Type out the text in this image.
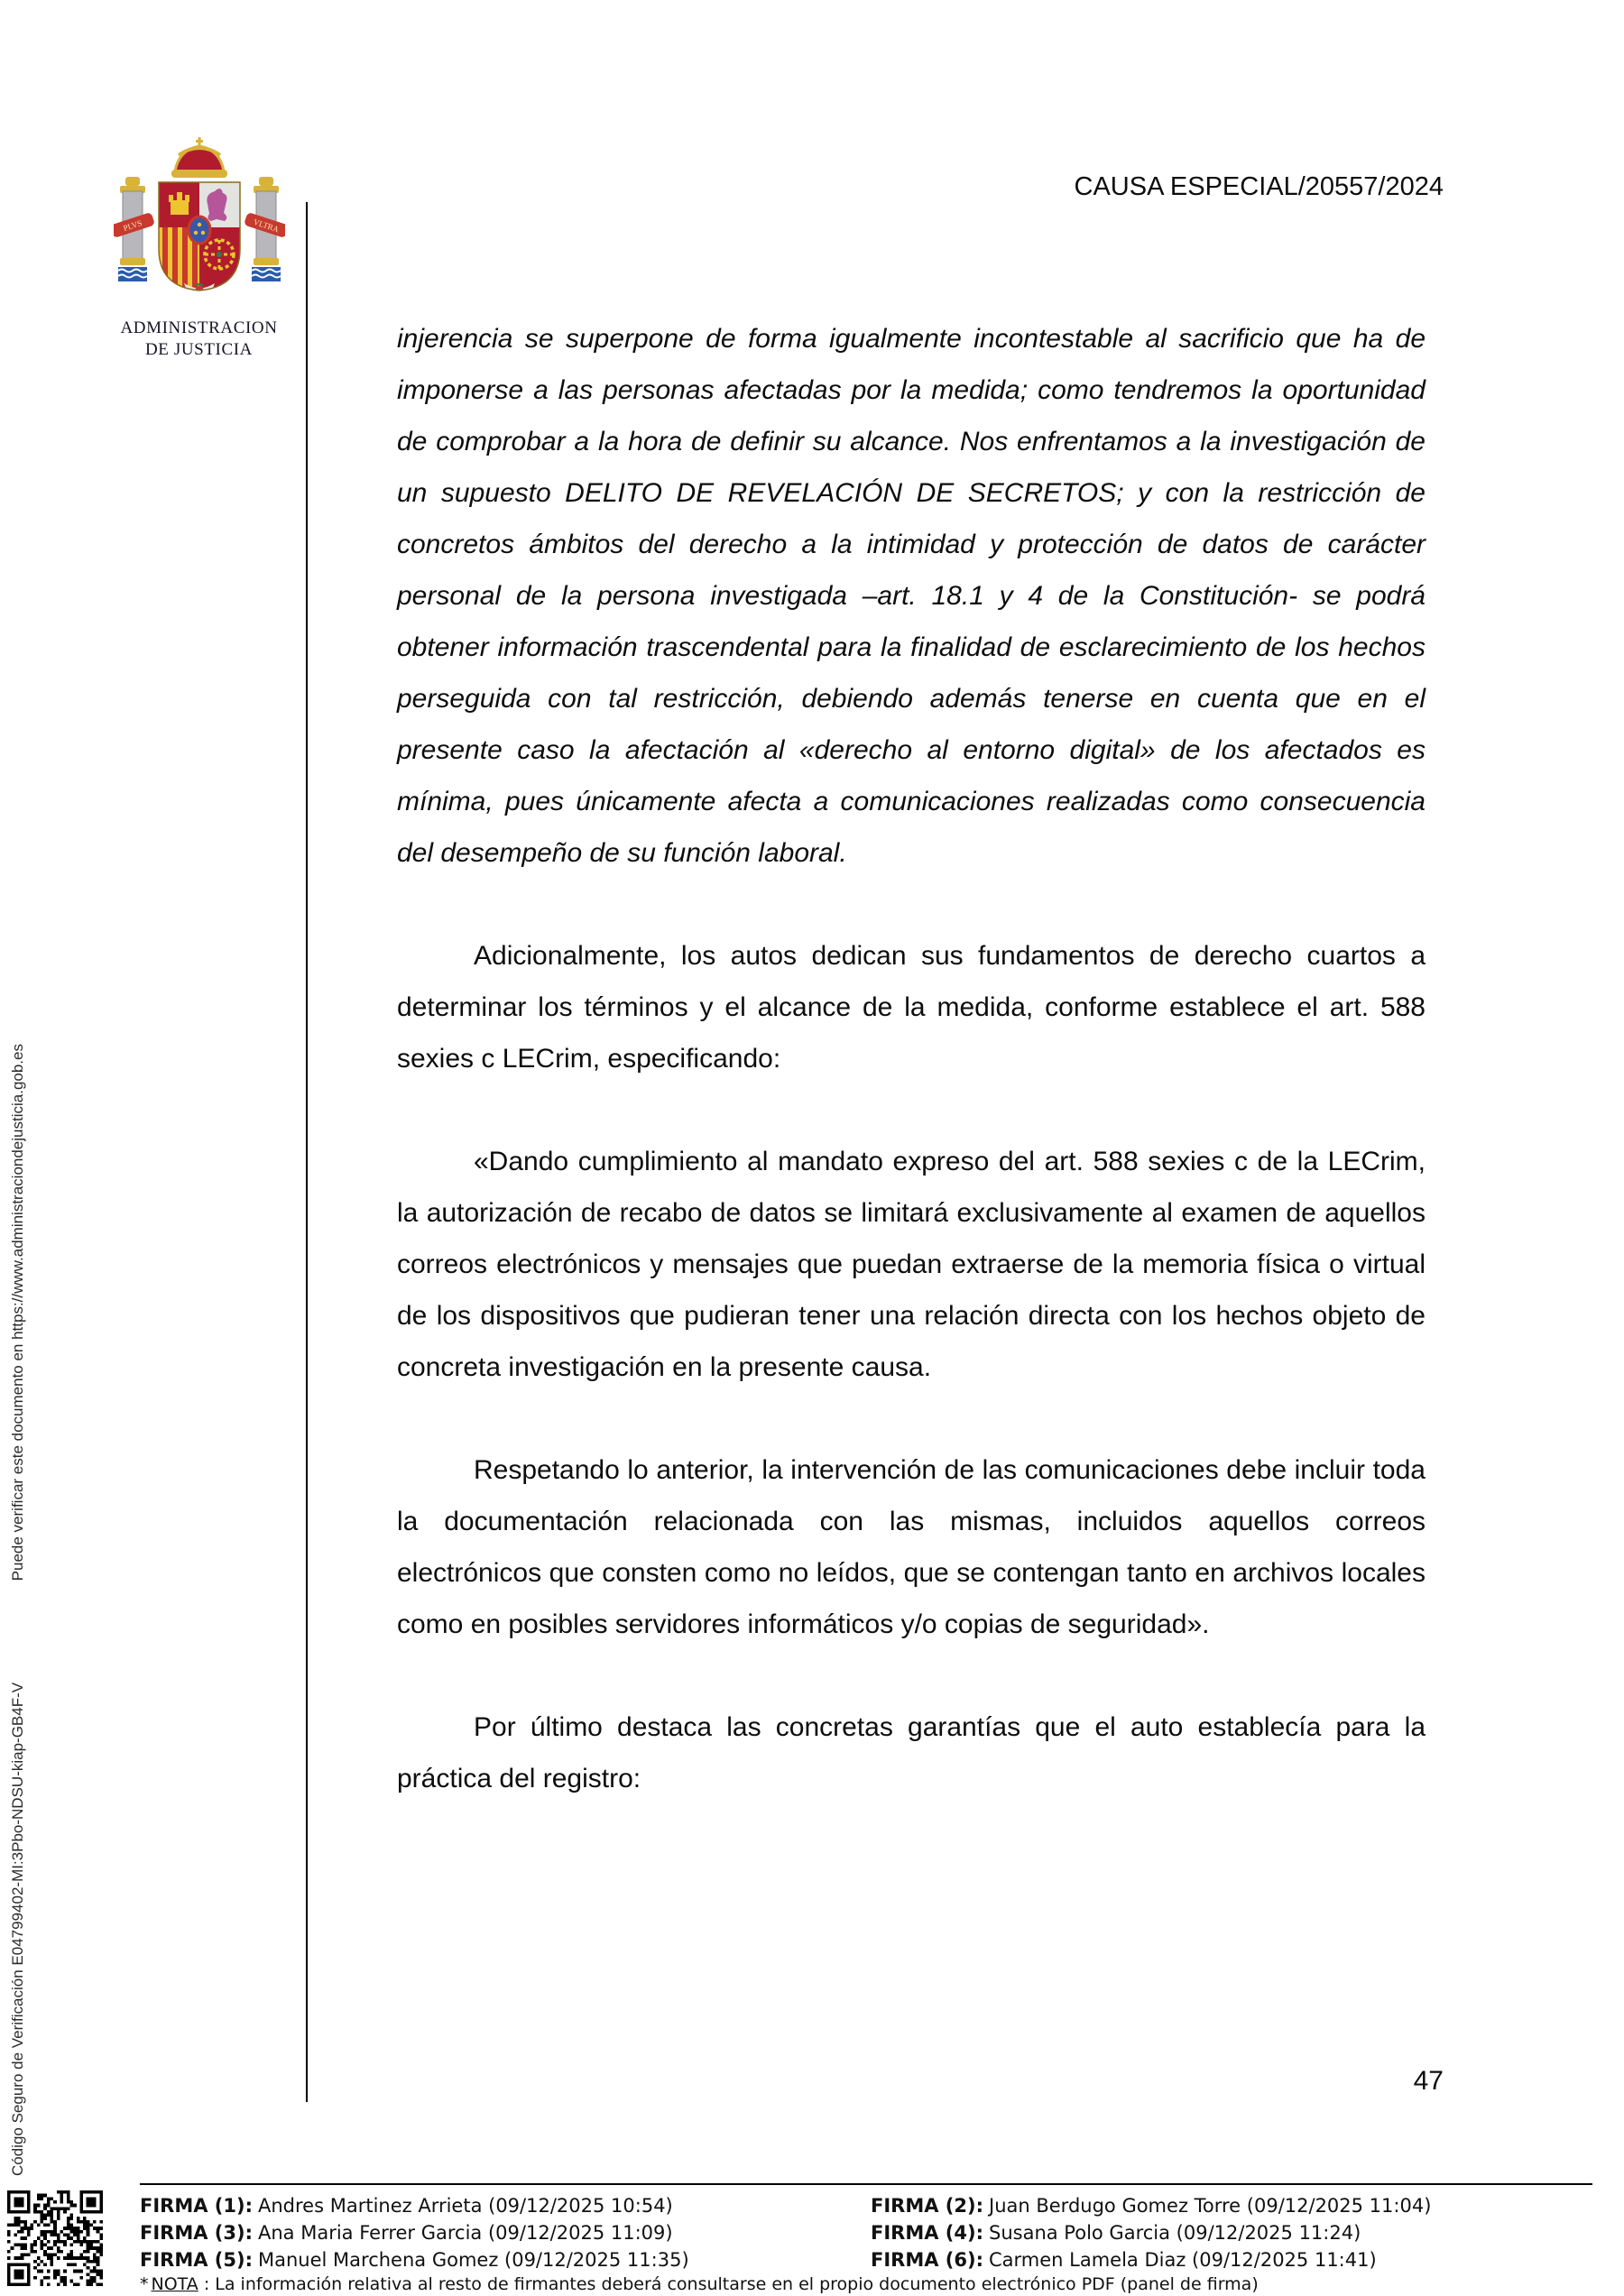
Código Seguro de Verificación E04799402-MI:3Pbo-NDSU-kiap-GB4F-V
Puede verificar este documento en https://www.administraciondejusticia.gob.es
PLVS	VLTRA
ADMINISTRACION
DE JUSTICIA
CAUSA ESPECIAL/20557/2024

injerencia se superpone de forma igualmente incontestable al sacrificio que ha de imponerse a las personas afectadas por la medida; como tendremos la oportunidad de comprobar a la hora de definir su alcance. Nos enfrentamos a la investigación de un supuesto DELITO DE REVELACIÓN DE SECRETOS; y con la restricción de concretos ámbitos del derecho a la intimidad y protección de datos de carácter personal de la persona investigada –art. 18.1 y 4 de la Constitución- se podrá obtener información trascendental para la finalidad de esclarecimiento de los hechos perseguida con tal restricción, debiendo además tenerse en cuenta que en el presente caso la afectación al «derecho al entorno digital» de los afectados es mínima, pues únicamente afecta a comunicaciones realizadas como consecuencia del desempeño de su función laboral.

Adicionalmente, los autos dedican sus fundamentos de derecho cuartos a determinar los términos y el alcance de la medida, conforme establece el art. 588 sexies c LECrim, especificando:

«Dando cumplimiento al mandato expreso del art. 588 sexies c de la LECrim, la autorización de recabo de datos se limitará exclusivamente al examen de aquellos correos electrónicos y mensajes que puedan extraerse de la memoria física o virtual de los dispositivos que pudieran tener una relación directa con los hechos objeto de concreta investigación en la presente causa.

Respetando lo anterior, la intervención de las comunicaciones debe incluir toda la documentación relacionada con las mismas, incluidos aquellos correos electrónicos que consten como no leídos, que se contengan tanto en archivos locales como en posibles servidores informáticos y/o copias de seguridad».

Por último destaca las concretas garantías que el auto establecía para la práctica del registro:

47
FIRMA (1): Andres Martinez Arrieta (09/12/2025 10:54)
FIRMA (3): Ana Maria Ferrer Garcia (09/12/2025 11:09)
FIRMA (5): Manuel Marchena Gomez (09/12/2025 11:35)
FIRMA (2): Juan Berdugo Gomez Torre (09/12/2025 11:04)
FIRMA (4): Susana Polo Garcia (09/12/2025 11:24)
FIRMA (6): Carmen Lamela Diaz (09/12/2025 11:41)
* NOTA : La información relativa al resto de firmantes deberá consultarse en el propio documento electrónico PDF (panel de firma)
